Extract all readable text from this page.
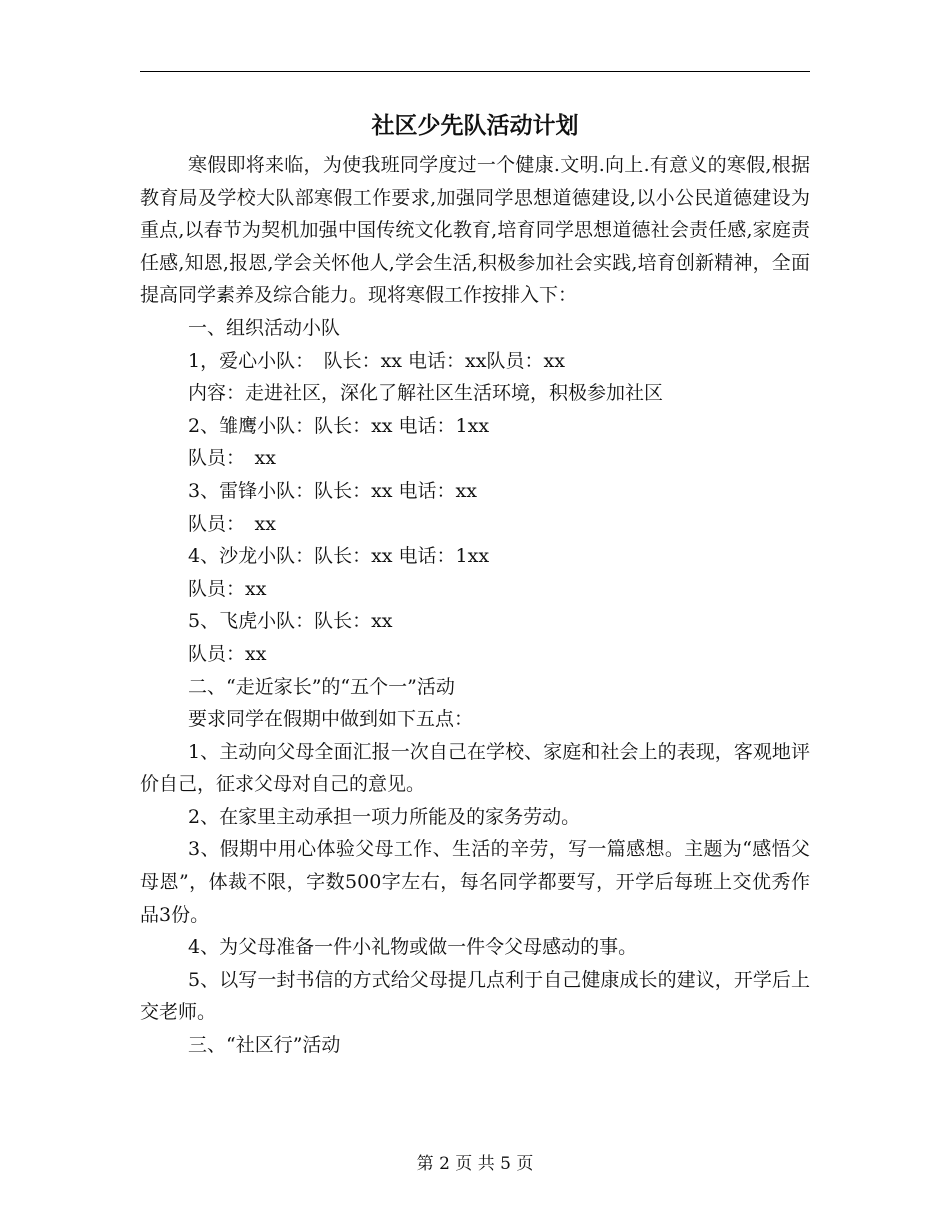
社区少先队活动计划

寒假即将来临，为使我班同学度过一个健康.文明.向上.有意义的寒假,根据教育局及学校大队部寒假工作要求,加强同学思想道德建设,以小公民道德建设为重点,以春节为契机加强中国传统文化教育,培育同学思想道德社会责任感,家庭责任感,知恩,报恩,学会关怀他人,学会生活,积极参加社会实践,培育创新精神，全面提高同学素养及综合能力。现将寒假工作按排入下：

一、组织活动小队

1，爱心小队：　队长：xx 电话：xx队员：xx

内容：走进社区，深化了解社区生活环境，积极参加社区

2、雏鹰小队：队长：xx 电话：1xx

队员：　xx

3、雷锋小队：队长：xx 电话：xx

队员：　xx

4、沙龙小队：队长：xx 电话：1xx

队员：xx

5、飞虎小队：队长：xx

队员：xx

二、“走近家长”的“五个一”活动

要求同学在假期中做到如下五点：

1、主动向父母全面汇报一次自己在学校、家庭和社会上的表现，客观地评价自己，征求父母对自己的意见。

2、在家里主动承担一项力所能及的家务劳动。

3、假期中用心体验父母工作、生活的辛劳，写一篇感想。主题为“感悟父母恩”，体裁不限，字数500字左右，每名同学都要写，开学后每班上交优秀作品3份。

4、为父母准备一件小礼物或做一件令父母感动的事。

5、以写一封书信的方式给父母提几点利于自己健康成长的建议，开学后上交老师。

三、“社区行”活动

第 2 页 共 5 页
